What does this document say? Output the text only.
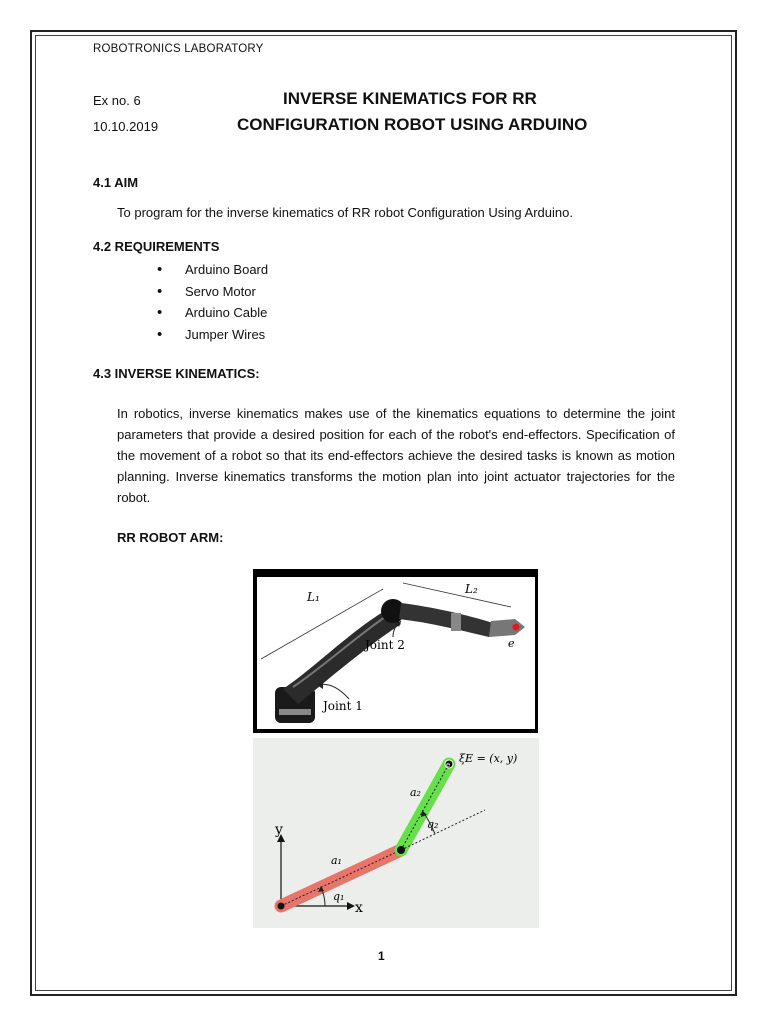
ROBOTRONICS LABORATORY
Ex no. 6
10.10.2019
INVERSE KINEMATICS FOR RR
CONFIGURATION ROBOT USING ARDUINO
4.1 AIM
To program for the inverse kinematics of RR robot Configuration Using Arduino.
4.2 REQUIREMENTS
• Arduino Board
• Servo Motor
• Arduino Cable
• Jumper Wires
4.3 INVERSE KINEMATICS:
In robotics, inverse kinematics makes use of the kinematics equations to determine the joint parameters that provide a desired position for each of the robot's end-effectors. Specification of the movement of a robot so that its end-effectors achieve the desired tasks is known as motion planning. Inverse kinematics transforms the motion plan into joint actuator trajectories for the robot.
RR ROBOT ARM:
L₁
L₂
e
Joint 2
Joint 1
y
x
e
a₁
q₁
a₂
q₂
ξE = (x, y)
1
